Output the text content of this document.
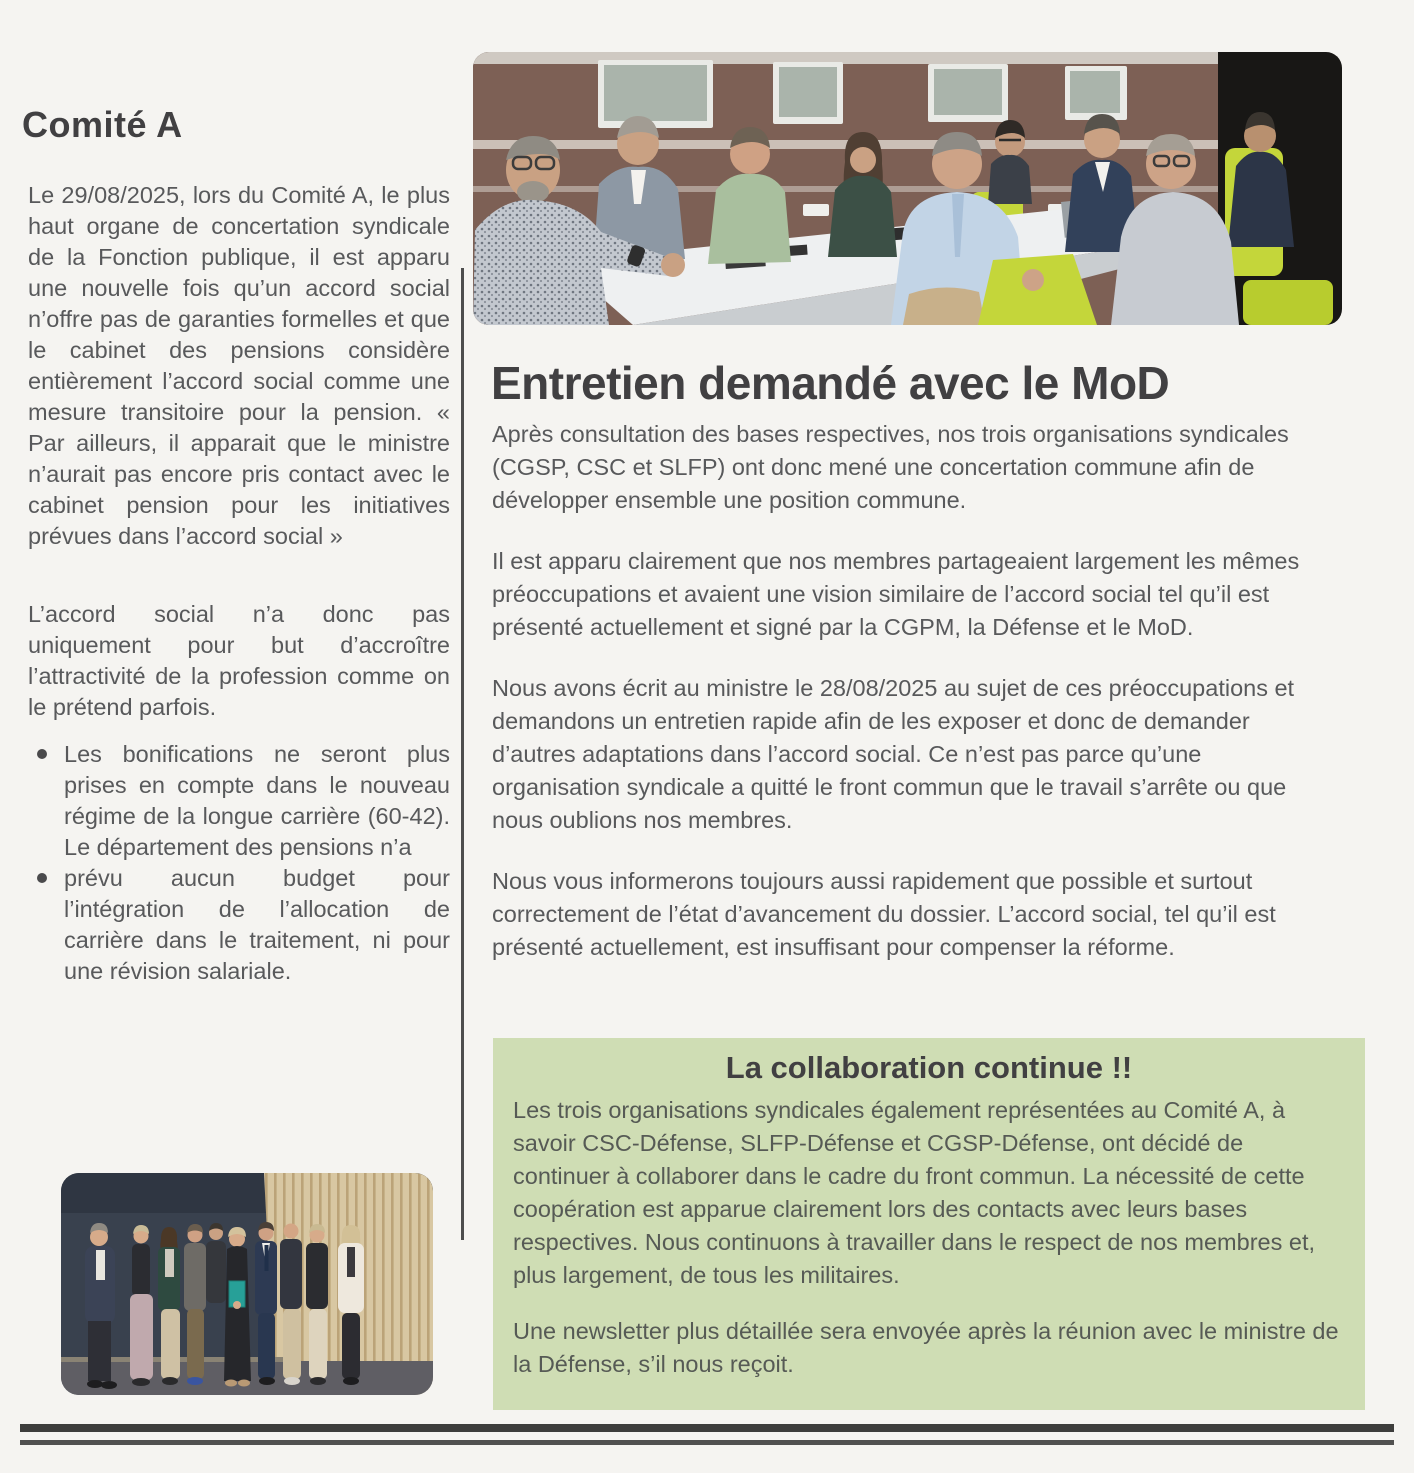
Comité A

Le 29/08/2025, lors du Comité A, le plus haut organe de concertation syndicale de la Fonction publique, il est apparu une nouvelle fois qu’un accord social n’offre pas de garanties formelles et que le cabinet des pensions considère entièrement l’accord social comme une mesure transitoire pour la pension. « Par ailleurs, il apparait que le ministre n’aurait pas encore pris contact avec le cabinet pension pour les initiatives prévues dans l’accord social »

L’accord social n’a donc pas uniquement pour but d’accroître l’attractivité de la profession comme on le prétend parfois.

Les bonifications ne seront plus prises en compte dans le nouveau régime de la longue carrière (60-42). Le département des pensions n’a
prévu aucun budget pour l’intégration de l’allocation de carrière dans le traitement, ni pour une révision salariale.
Entretien demandé avec le MoD

Après consultation des bases respectives, nos trois organisations syndicales (CGSP, CSC et SLFP) ont donc mené une concertation commune afin de développer ensemble une position commune.

Il est apparu clairement que nos membres partageaient largement les mêmes préoccupations et avaient une vision similaire de l’accord social tel qu’il est présenté actuellement et signé par la CGPM, la Défense et le MoD.

Nous avons écrit au ministre le 28/08/2025 au sujet de ces préoccupations et demandons un entretien rapide afin de les exposer et donc de demander d’autres adaptations dans l’accord social. Ce n’est pas parce qu’une organisation syndicale a quitté le front commun que le travail s’arrête ou que nous oublions nos membres.

Nous vous informerons toujours aussi rapidement que possible et surtout correctement de l’état d’avancement du dossier. L’accord social, tel qu’il est présenté actuellement, est insuffisant pour compenser la réforme.

La collaboration continue !!

Les trois organisations syndicales également représentées au Comité A, à savoir CSC-Défense, SLFP-Défense et CGSP-Défense, ont décidé de continuer à collaborer dans le cadre du front commun. La nécessité de cette coopération est apparue clairement lors des contacts avec leurs bases respectives. Nous continuons à travailler dans le respect de nos membres et, plus largement, de tous les militaires.

Une newsletter plus détaillée sera envoyée après la réunion avec le ministre de la Défense, s’il nous reçoit.
